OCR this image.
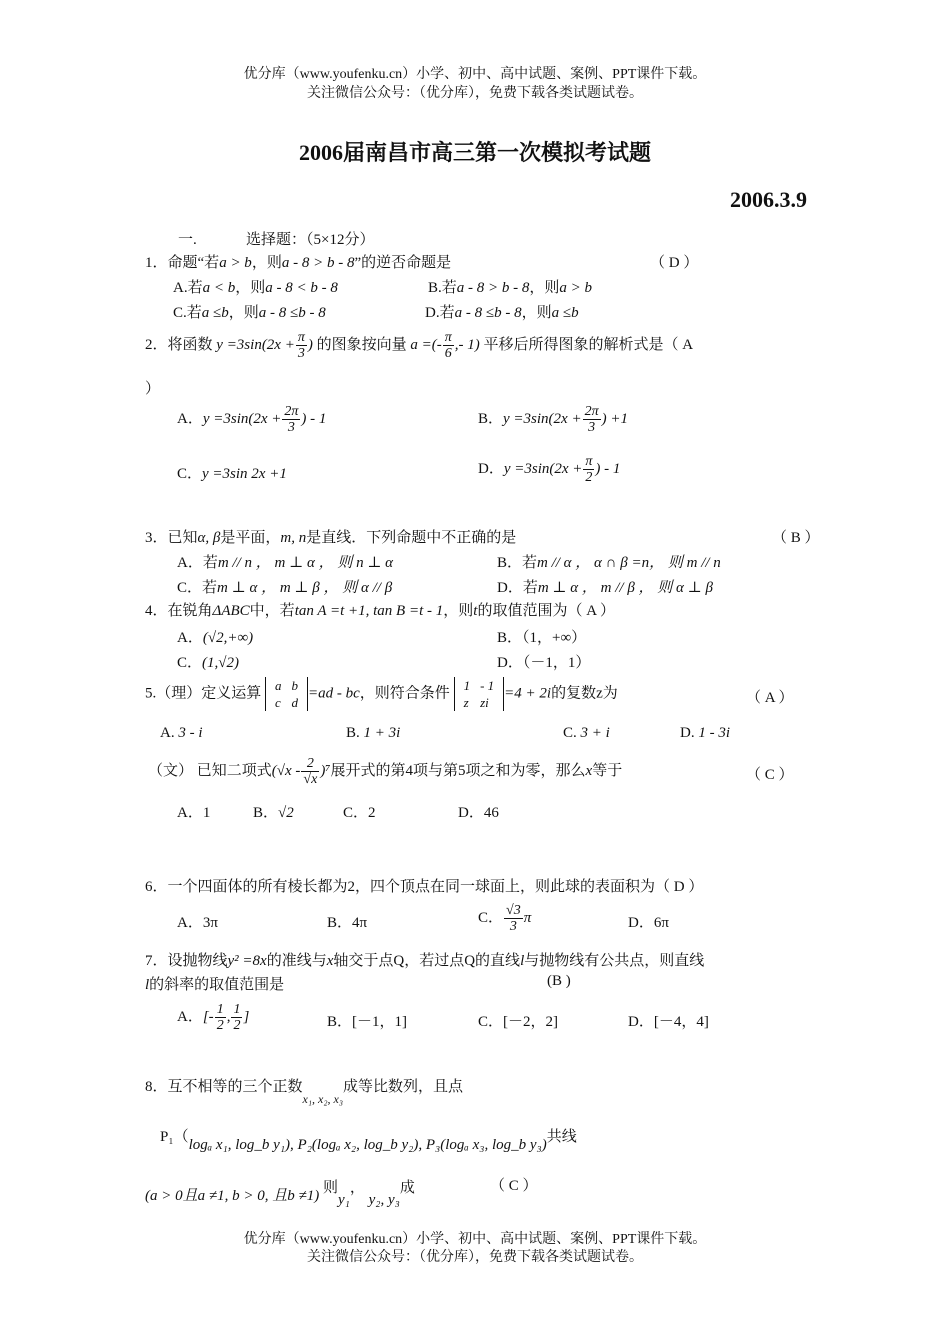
优分库（www.youfenku.cn）小学、初中、高中试题、案例、PPT课件下载。
关注微信公众号：（优分库），免费下载各类试题试卷。
2006届南昌市高三第一次模拟考试题
2006.3.9
一.	选择题：（5×12分）
1．命题“若a > b，则a - 8 > b - 8”的逆否命题是	（ D ）
A.若a < b，则a - 8 < b - 8	B.若a - 8 > b - 8，则a > b
C.若a ≤b，则a - 8 ≤b - 8	D.若a - 8 ≤b - 8，则a ≤b
2．将函数 $y =3\sin(2x + \frac{\pi}{3}$ ) 的图象按向量 a =(- $\frac{\pi}{6}$ ,- 1) 平移后所得图象的解析式是（ A
）
A．$y =3\sin(2x + \frac{2\pi}{3}$ ) - 1	B．$y =3\sin(2x + \frac{2\pi}{3}$ ) +1
C．y =3sin 2x +1	D．$y =3\sin(2x + \frac{\pi}{2}$ ) - 1
3．已知α, β是平面，m, n是直线．下列命题中不正确的是	（ B ）
A．若m // n ， m ⊥ α ， 则 n ⊥ α	B．若m // α ， α ∩ β =n， 则 m // n
C．若m ⊥ α ， m ⊥ β ， 则 α // β	D．若m ⊥ α ， m // β ， 则 α ⊥ β
4．在锐角ΔABC中，若tan A =t +1, tan B =t - 1，则t的取值范围为（ A ）
A．(√2,+∞)	B．（1，+∞）
C．(1,√2)	D．（－1，1）
5.（理）定义运算 a	b
c	d
=ad - bc，则符合条件 1	- 1
z	zi
=4 + 2i的复数z为	（ A ）
A. 3 - i	B. 1 + 3i	C. 3 + i	D. 1 - 3i
（文） 已知二项式$(√x - \frac{2}{√x} )^7$展开式的第4项与第5项之和为零，那么x等于	（ C ）
A．1	B．√2	C．2	D．46
6．一个四面体的所有棱长都为2，四个顶点在同一球面上，则此球的表面积为（ D ）
A．3π	B．4π	C． $\frac{√3}{3}$ π	D．6π
7．设抛物线y² =8x的准线与x轴交于点Q，若过点Q的直线l与抛物线有公共点，则直线
l的斜率的取值范围是	(B )
A．[- $\frac{1}{2}$ , $\frac{1}{2}$ ]	B．[－1，1]	C．[－2，2]	D．[－4，4]
8．互不相等的三个正数$_{x_1, x_2, x_3}$成等比数列，且点
P₁（logₐ x₁, log_b y₁), P₂(logₐ x₂, log_b y₂), P₃(logₐ x₃, log_b y₃)共线
(a > 0且a ≠1, b > 0, 且b ≠1) 则y₁， y₂, y₃成	（ C ）
优分库（www.youfenku.cn）小学、初中、高中试题、案例、PPT课件下载。
关注微信公众号：（优分库），免费下载各类试题试卷。
